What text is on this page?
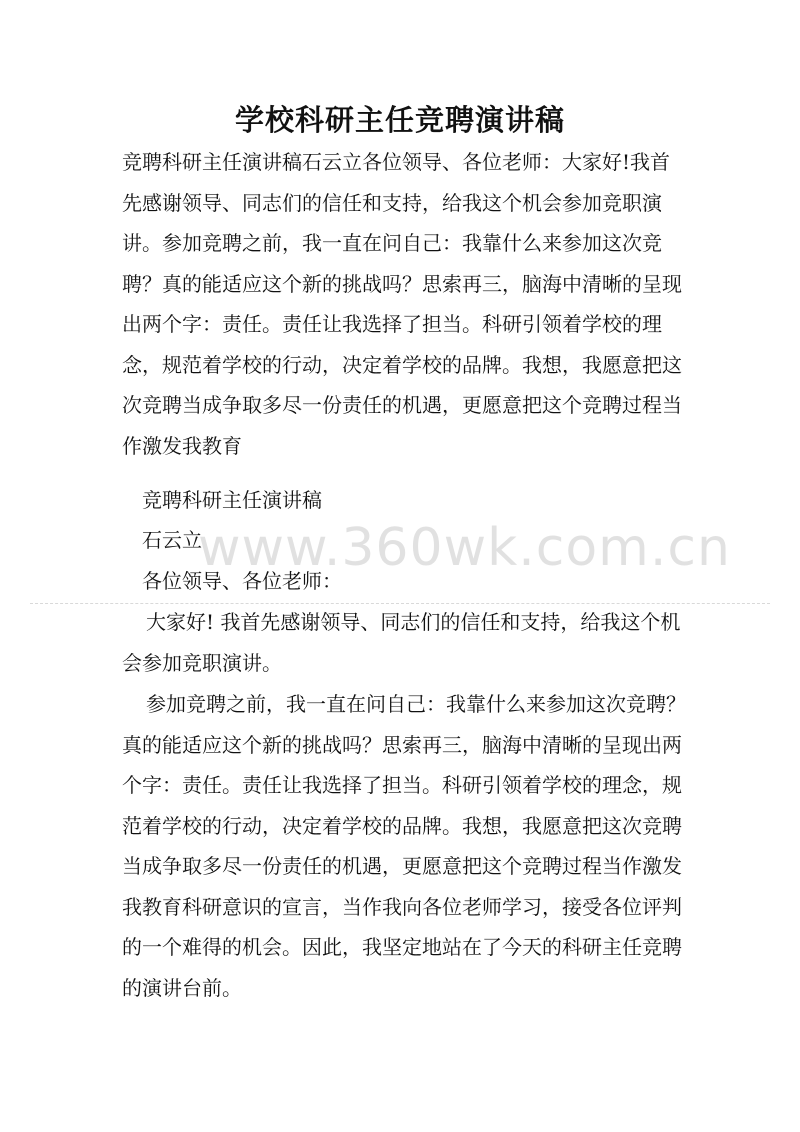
学校科研主任竞聘演讲稿

竞聘科研主任演讲稿石云立各位领导、各位老师：大家好!我首先感谢领导、同志们的信任和支持，给我这个机会参加竞职演讲。参加竞聘之前，我一直在问自己：我靠什么来参加这次竞聘？真的能适应这个新的挑战吗？思索再三，脑海中清晰的呈现出两个字：责任。责任让我选择了担当。科研引领着学校的理念，规范着学校的行动，决定着学校的品牌。我想，我愿意把这次竞聘当成争取多尽一份责任的机遇，更愿意把这个竞聘过程当作激发我教育

竞聘科研主任演讲稿

石云立

各位领导、各位老师：

大家好! 我首先感谢领导、同志们的信任和支持，给我这个机会参加竞职演讲。

参加竞聘之前，我一直在问自己：我靠什么来参加这次竞聘？真的能适应这个新的挑战吗？思索再三，脑海中清晰的呈现出两个字：责任。责任让我选择了担当。科研引领着学校的理念，规范着学校的行动，决定着学校的品牌。我想，我愿意把这次竞聘当成争取多尽一份责任的机遇，更愿意把这个竞聘过程当作激发我教育科研意识的宣言，当作我向各位老师学习，接受各位评判的一个难得的机会。因此，我坚定地站在了今天的科研主任竞聘的演讲台前。

www.360wk.com.cn
